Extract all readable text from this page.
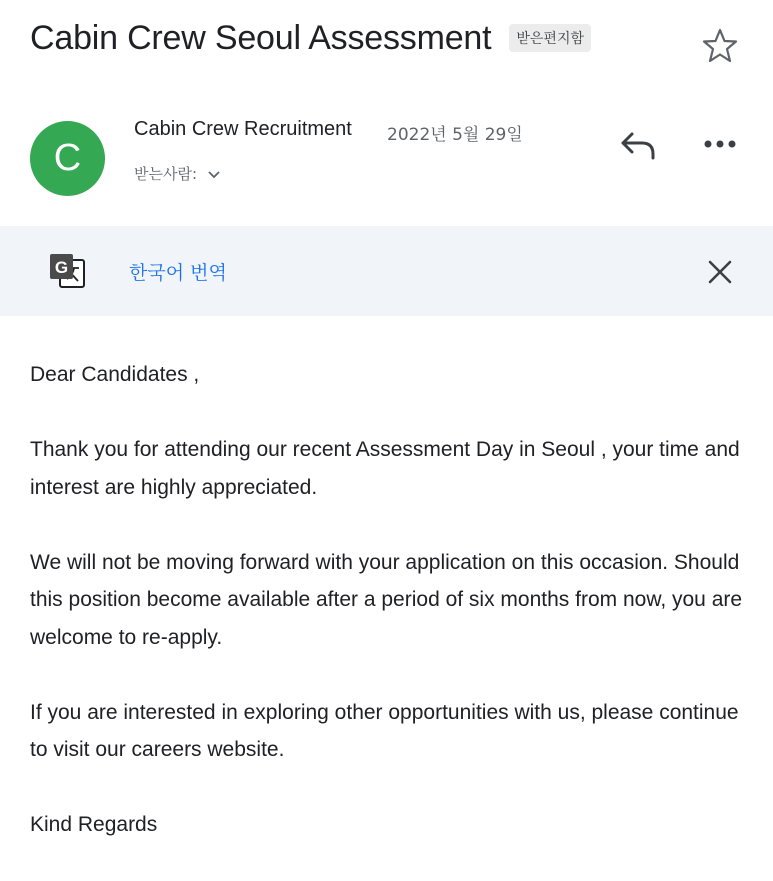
Cabin Crew Seoul Assessment	받은편지함
C
Cabin Crew Recruitment 2022년 5월 29일
받는사람:
G	한국어 번역

Dear Candidates ,

Thank you for attending our recent Assessment Day in Seoul , your time and interest are highly appreciated.

We will not be moving forward with your application on this occasion. Should this position become available after a period of six months from now, you are welcome to re-apply.

If you are interested in exploring other opportunities with us, please continue to visit our careers website.

Kind Regards
